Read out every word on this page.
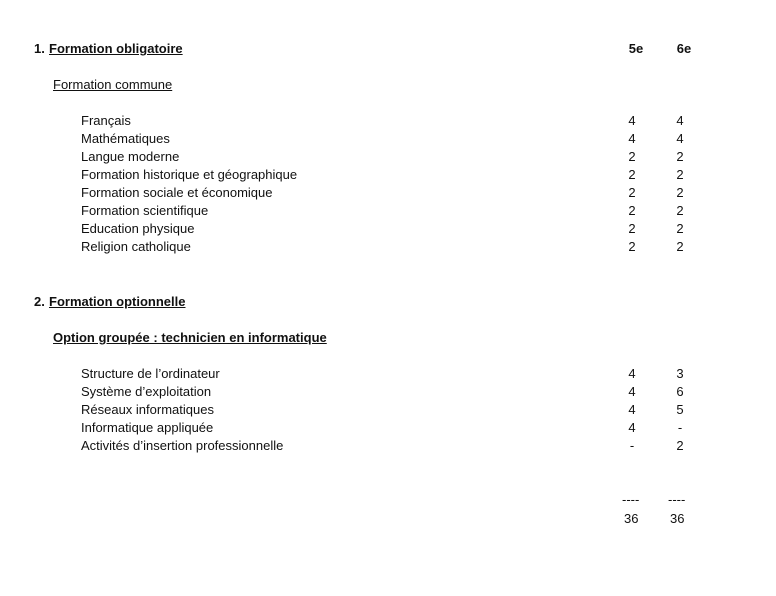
1. Formation obligatoire	5e	6e
Formation commune
Français	4	4
Mathématiques	4	4
Langue moderne	2	2
Formation historique et géographique	2	2
Formation sociale et économique	2	2
Formation scientifique	2	2
Education physique	2	2
Religion catholique	2	2
2. Formation optionnelle
Option groupée : technicien en informatique
Structure de l’ordinateur	4	3
Système d’exploitation	4	6
Réseaux informatiques	4	5
Informatique appliquée	4	-
Activités d’insertion professionnelle	-	2
---- ----
36 36
